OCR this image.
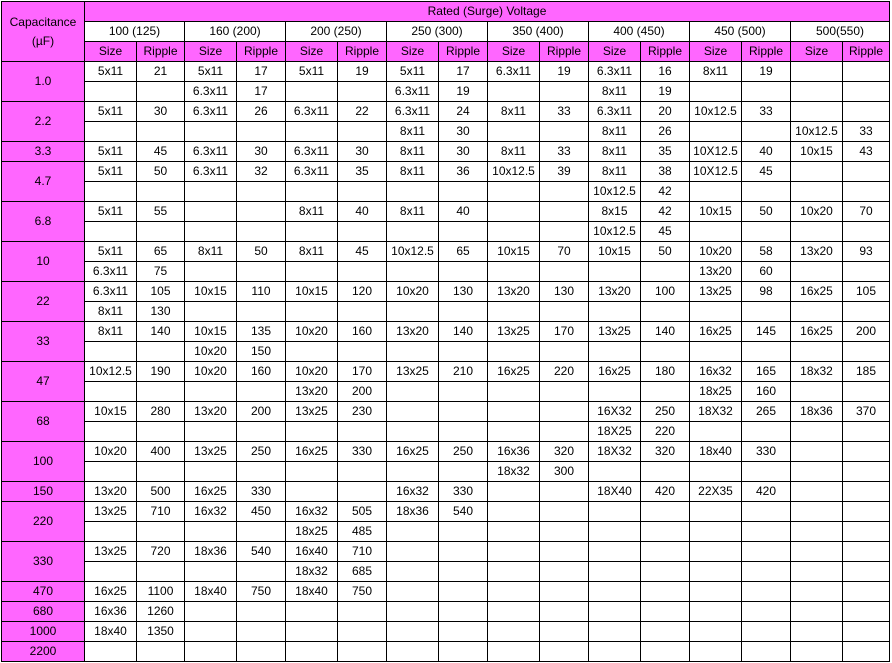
Capacitance
(µF)	Rated (Surge) Voltage															
	100 (125)		160 (200)		200 (250)		250 (300)		350 (400)		400 (450)		450 (500)		500(550)	
	Size	Ripple	Size	Ripple	Size	Ripple	Size	Ripple	Size	Ripple	Size	Ripple	Size	Ripple	Size	Ripple
1.0	5x11	21	5x11	17	5x11	19	5x11	17	6.3x11	19	6.3x11	16	8x11	19		
			6.3x11	17			6.3x11	19			8x11	19				
2.2	5x11	30	6.3x11	26	6.3x11	22	6.3x11	24	8x11	33	6.3x11	20	10x12.5	33		
							8x11	30			8x11	26			10x12.5	33
3.3	5x11	45	6.3x11	30	6.3x11	30	8x11	30	8x11	33	8x11	35	10X12.5	40	10x15	43
4.7	5x11	50	6.3x11	32	6.3x11	35	8x11	36	10x12.5	39	8x11	38	10X12.5	45		
											10x12.5	42				
6.8	5x11	55			8x11	40	8x11	40			8x15	42	10x15	50	10x20	70
											10x12.5	45				
10	5x11	65	8x11	50	8x11	45	10x12.5	65	10x15	70	10x15	50	10x20	58	13x20	93
	6.3x11	75											13x20	60		
22	6.3x11	105	10x15	110	10x15	120	10x20	130	13x20	130	13x20	100	13x25	98	16x25	105
	8x11	130														
33	8x11	140	10x15	135	10x20	160	13x20	140	13x25	170	13x25	140	16x25	145	16x25	200
			10x20	150												
47	10x12.5	190	10x20	160	10x20	170	13x25	210	16x25	220	16x25	180	16x32	165	18x32	185
					13x20	200							18x25	160		
68	10x15	280	13x20	200	13x25	230					16X32	250	18X32	265	18x36	370
											18X25	220				
100	10x20	400	13x25	250	16x25	330	16x25	250	16x36	320	18X32	320	18x40	330		
									18x32	300						
150	13x20	500	16x25	330			16x32	330			18X40	420	22X35	420		
220	13x25	710	16x32	450	16x32	505	18x36	540								
					18x25	485										
330	13x25	720	18x36	540	16x40	710										
					18x32	685										
470	16x25	1100	18x40	750	18x40	750										
680	16x36	1260														
1000	18x40	1350														
2200																
